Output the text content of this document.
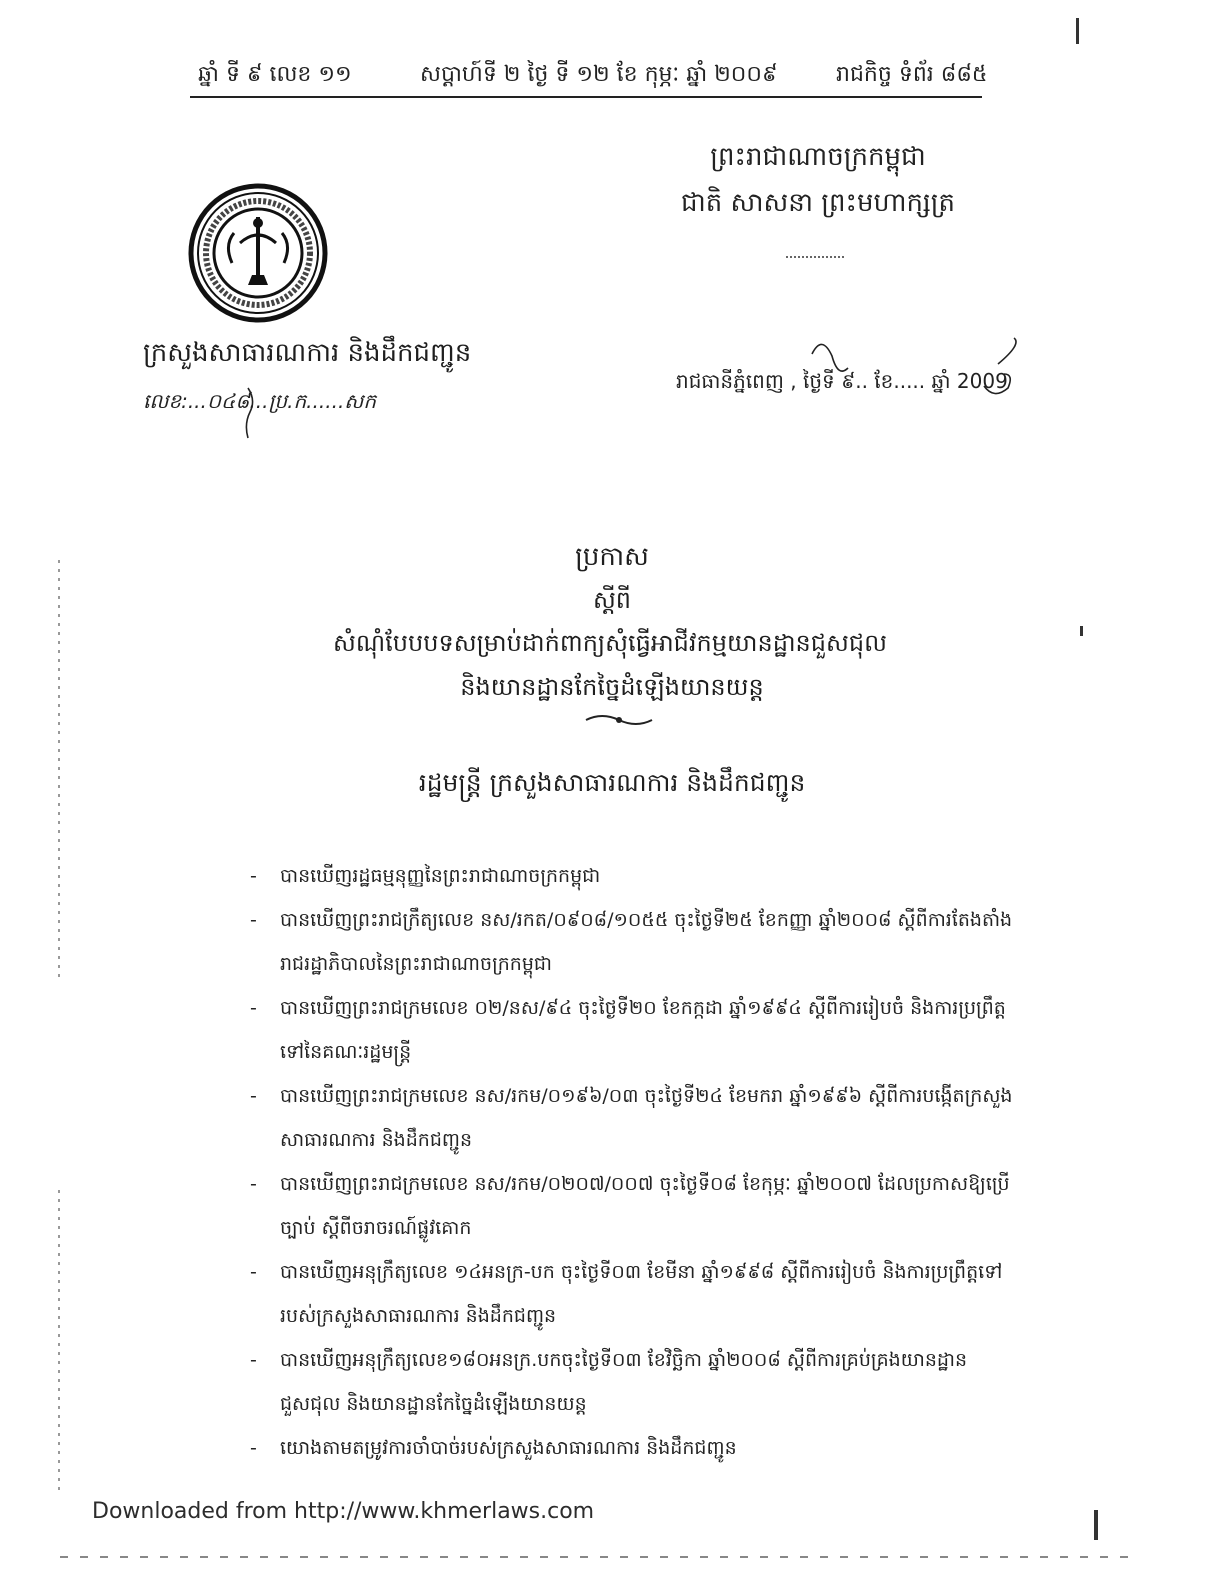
ឆ្នាំ ទី ៩ លេខ ១១	សប្តាហ៍ទី ២ ថ្ងៃ ទី ១២ ខែ កុម្ភៈ ឆ្នាំ ២០០៩	រាជកិច្ច ទំព័រ ៨៨៥
ព្រះរាជាណាចក្រកម្ពុជា
ជាតិ សាសនា ព្រះមហាក្សត្រ
ក្រសួងសាធារណការ និងដឹកជញ្ជូន
លេខ:...០៤៨...ប្រ.ក......សក
រាជធានីភ្នំពេញ , ថ្ងៃទី ៩.. ខែ..... ឆ្នាំ 2009
ប្រកាស
ស្តីពី
សំណុំបែបបទសម្រាប់ដាក់ពាក្យសុំធ្វើអាជីវកម្មយានដ្ឋានជួសជុល
និងយានដ្ឋានកែច្នៃដំឡើងយានយន្ត
រដ្ឋមន្ត្រី ក្រសួងសាធារណការ និងដឹកជញ្ជូន
- បានឃើញរដ្ឋធម្មនុញ្ញនៃព្រះរាជាណាចក្រកម្ពុជា
- បានឃើញព្រះរាជក្រឹត្យលេខ នស/រកត/០៩០៨/១០៥៥ ចុះថ្ងៃទី២៥ ខែកញ្ញា ឆ្នាំ២០០៨ ស្តីពីការតែងតាំងរាជរដ្ឋាភិបាលនៃព្រះរាជាណាចក្រកម្ពុជា
- បានឃើញព្រះរាជក្រមលេខ ០២/នស/៩៤ ចុះថ្ងៃទី២០ ខែកក្កដា ឆ្នាំ១៩៩៤ ស្តីពីការរៀបចំ និងការប្រព្រឹត្តទៅនៃគណៈរដ្ឋមន្ត្រី
- បានឃើញព្រះរាជក្រមលេខ នស/រកម/០១៩៦/០៣ ចុះថ្ងៃទី២៤ ខែមករា ឆ្នាំ១៩៩៦ ស្តីពីការបង្កើតក្រសួងសាធារណការ និងដឹកជញ្ជូន
- បានឃើញព្រះរាជក្រមលេខ នស/រកម/០២០៧/០០៧ ចុះថ្ងៃទី០៨ ខែកុម្ភៈ ឆ្នាំ២០០៧ ដែលប្រកាសឱ្យប្រើច្បាប់ ស្តីពីចរាចរណ៍ផ្លូវគោក
- បានឃើញអនុក្រឹត្យលេខ ១៤អនក្រ-បក ចុះថ្ងៃទី០៣ ខែមីនា ឆ្នាំ១៩៩៨ ស្តីពីការរៀបចំ និងការប្រព្រឹត្តទៅរបស់ក្រសួងសាធារណការ និងដឹកជញ្ជូន
- បានឃើញអនុក្រឹត្យលេខ១៨០អនក្រ.បកចុះថ្ងៃទី០៣ ខែវិច្ឆិកា ឆ្នាំ២០០៨ ស្តីពីការគ្រប់គ្រងយានដ្ឋានជួសជុល និងយានដ្ឋានកែច្នៃដំឡើងយានយន្ត
- យោងតាមតម្រូវការចាំបាច់របស់ក្រសួងសាធារណការ និងដឹកជញ្ជូន
Downloaded from http://www.khmerlaws.com
